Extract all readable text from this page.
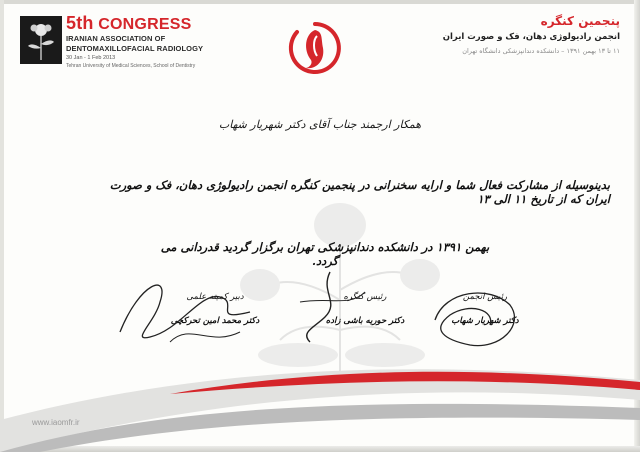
5th CONGRESS
IRANIAN ASSOCIATION OF
DENTOMAXILLOFACIAL RADIOLOGY
30 Jan - 1 Feb 2013
Tehran University of Medical Sciences, School of Dentistry
پنجمین کنگره
انجمن رادیولوژی دهان، فک و صورت ایران
۱۱ تا ۱۳ بهمن ۱۳۹۱ – دانشکده دندانپزشکی دانشگاه تهران
همکار ارجمند جناب آقای دکتر شهریار شهاب
بدینوسیله از مشارکت فعال شما و ارایه سخنرانی در پنجمین کنگره انجمن رادیولوژی دهان، فک و صورت ایران که از تاریخ ۱۱ الی ۱۳
بهمن ۱۳۹۱ در دانشکده دندانپزشکی تهران برگزار گردید قدردانی می گردد.
دبیر کمیته علمی
دکتر محمد امین تحرکچی
رئیس کنگره
دکتر حوریه باشی زاده
رئیس انجمن
دکتر شهریار شهاب
www.iaomfr.ir
